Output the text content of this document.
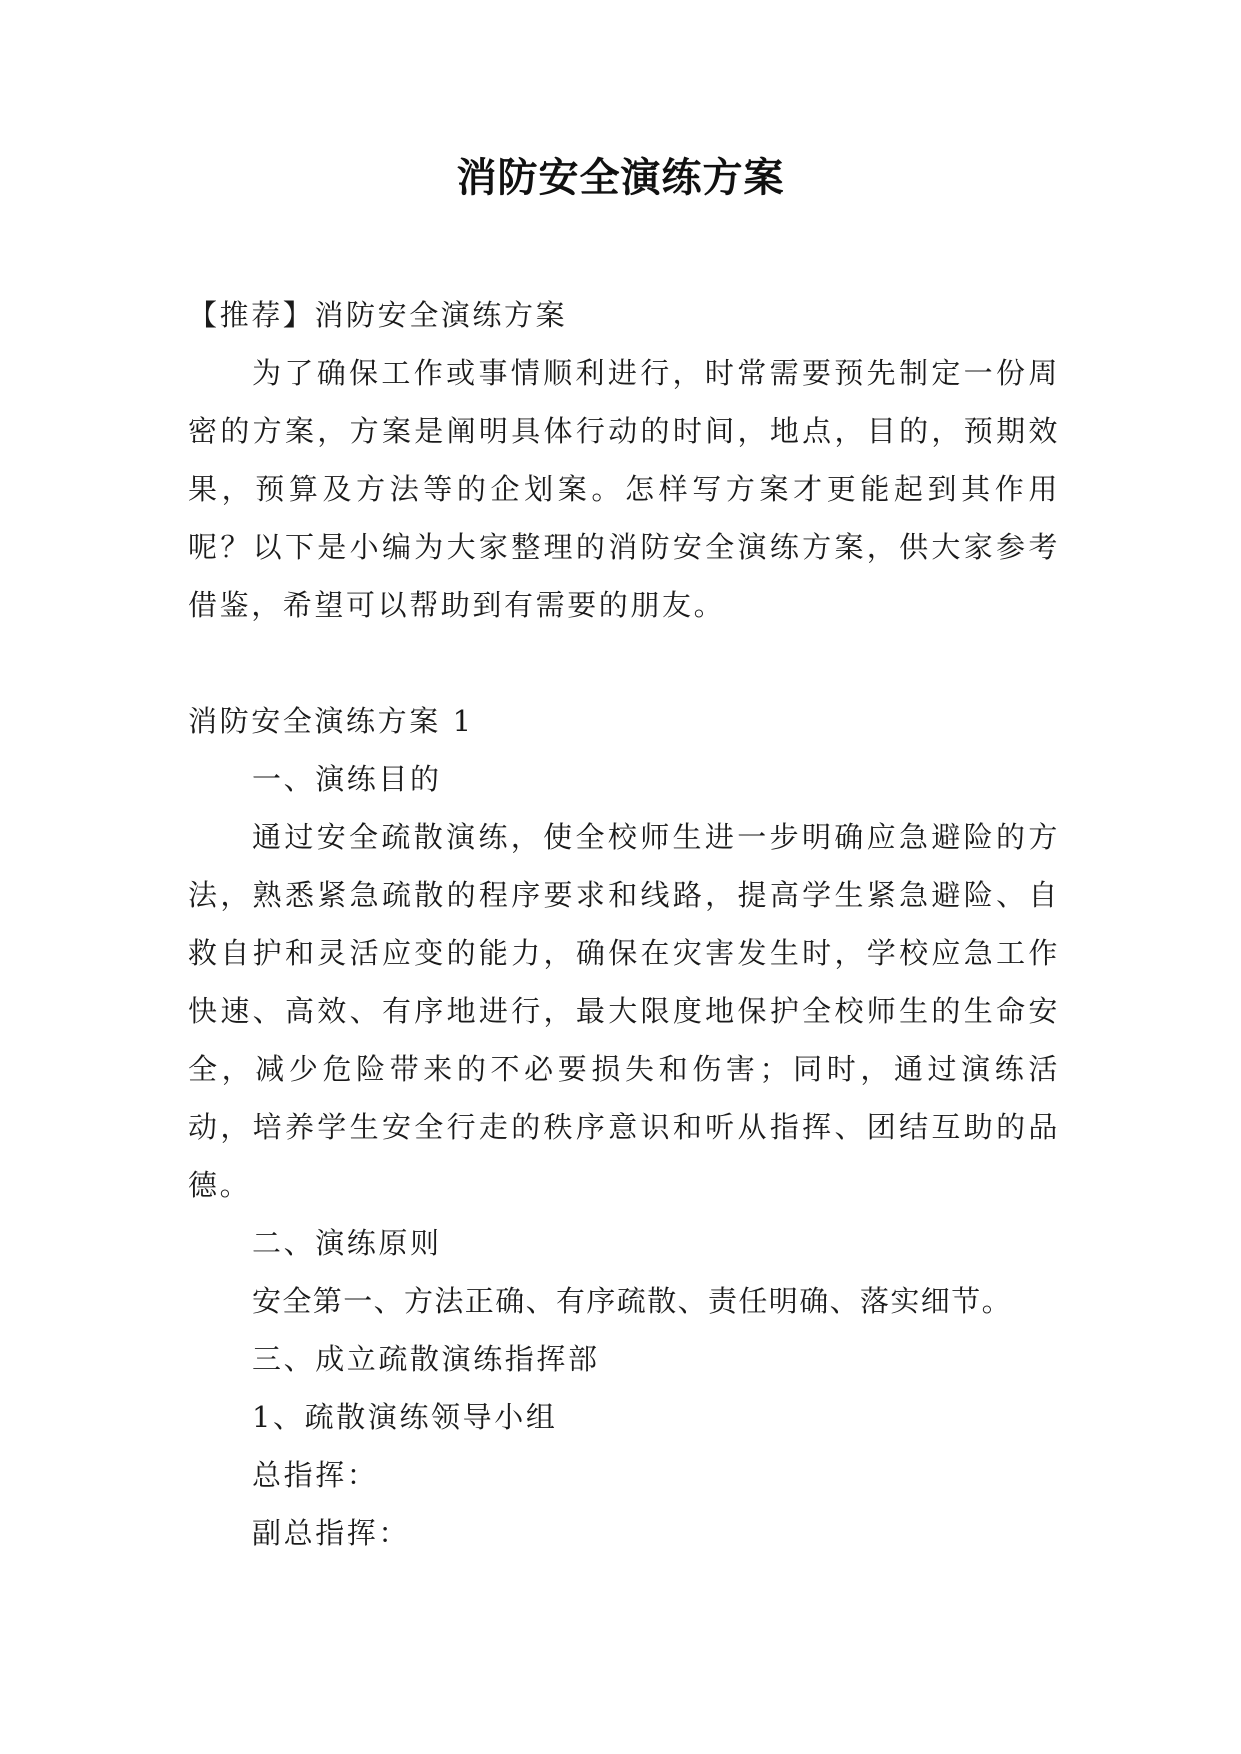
消防安全演练方案

【推荐】消防安全演练方案

为了确保工作或事情顺利进行，时常需要预先制定一份周密的方案，方案是阐明具体行动的时间，地点，目的，预期效果，预算及方法等的企划案。怎样写方案才更能起到其作用呢？以下是小编为大家整理的消防安全演练方案，供大家参考借鉴，希望可以帮助到有需要的朋友。

消防安全演练方案 1

一、演练目的

通过安全疏散演练，使全校师生进一步明确应急避险的方法，熟悉紧急疏散的程序要求和线路，提高学生紧急避险、自救自护和灵活应变的能力，确保在灾害发生时，学校应急工作快速、高效、有序地进行，最大限度地保护全校师生的生命安全，减少危险带来的不必要损失和伤害；同时，通过演练活动，培养学生安全行走的秩序意识和听从指挥、团结互助的品德。

二、演练原则

安全第一、方法正确、有序疏散、责任明确、落实细节。

三、成立疏散演练指挥部

1、疏散演练领导小组

总指挥：

副总指挥：
